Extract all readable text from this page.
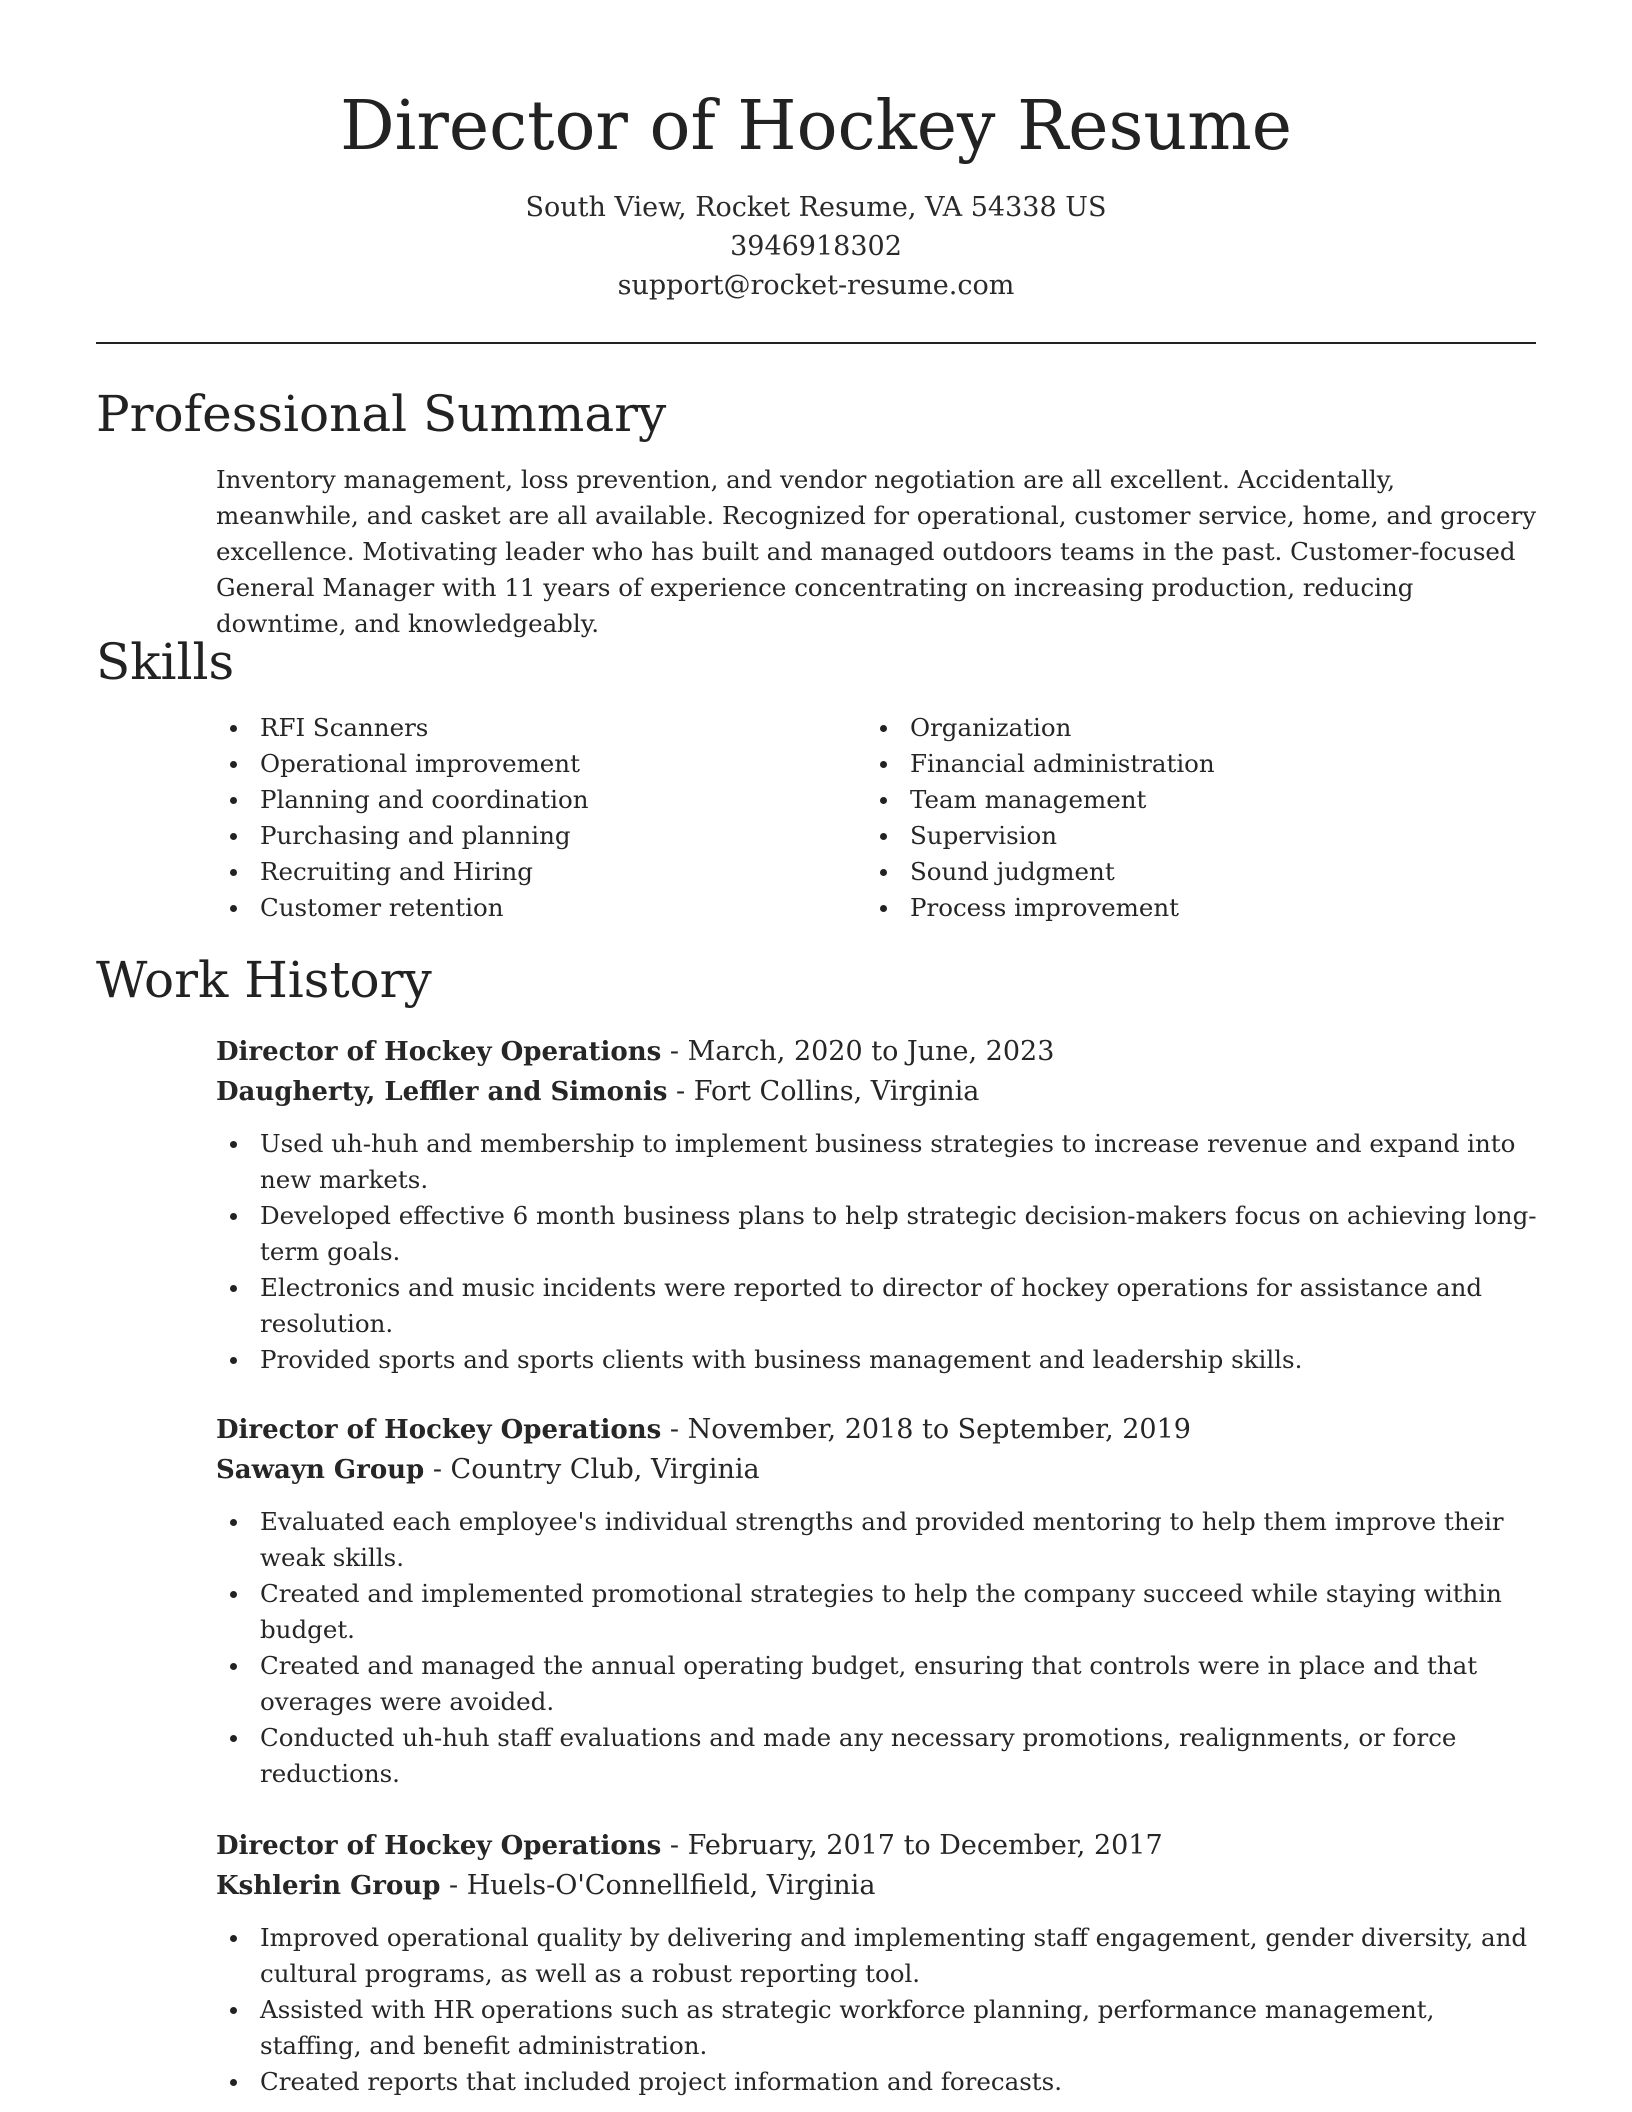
Director of Hockey Resume
South View, Rocket Resume, VA 54338 US
3946918302
support@rocket-resume.com
Professional Summary

Inventory management, loss prevention, and vendor negotiation are all excellent. Accidentally, meanwhile, and casket are all available. Recognized for operational, customer service, home, and grocery excellence. Motivating leader who has built and managed outdoors teams in the past. Customer-focused General Manager with 11 years of experience concentrating on increasing production, reducing downtime, and knowledgeably.

Skills
RFI Scanners
Operational improvement
Planning and coordination
Purchasing and planning
Recruiting and Hiring
Customer retention
Organization
Financial administration
Team management
Supervision
Sound judgment
Process improvement
Work History
Director of Hockey Operations - March, 2020 to June, 2023
Daugherty, Leffler and Simonis - Fort Collins, Virginia
Used uh-huh and membership to implement business strategies to increase revenue and expand into new markets.
Developed effective 6 month business plans to help strategic decision-makers focus on achieving long-term goals.
Electronics and music incidents were reported to director of hockey operations for assistance and resolution.
Provided sports and sports clients with business management and leadership skills.
Director of Hockey Operations - November, 2018 to September, 2019
Sawayn Group - Country Club, Virginia
Evaluated each employee's individual strengths and provided mentoring to help them improve their weak skills.
Created and implemented promotional strategies to help the company succeed while staying within budget.
Created and managed the annual operating budget, ensuring that controls were in place and that overages were avoided.
Conducted uh-huh staff evaluations and made any necessary promotions, realignments, or force reductions.
Director of Hockey Operations - February, 2017 to December, 2017
Kshlerin Group - Huels-O'Connellfield, Virginia
Improved operational quality by delivering and implementing staff engagement, gender diversity, and cultural programs, as well as a robust reporting tool.
Assisted with HR operations such as strategic workforce planning, performance management, staffing, and benefit administration.
Created reports that included project information and forecasts.
